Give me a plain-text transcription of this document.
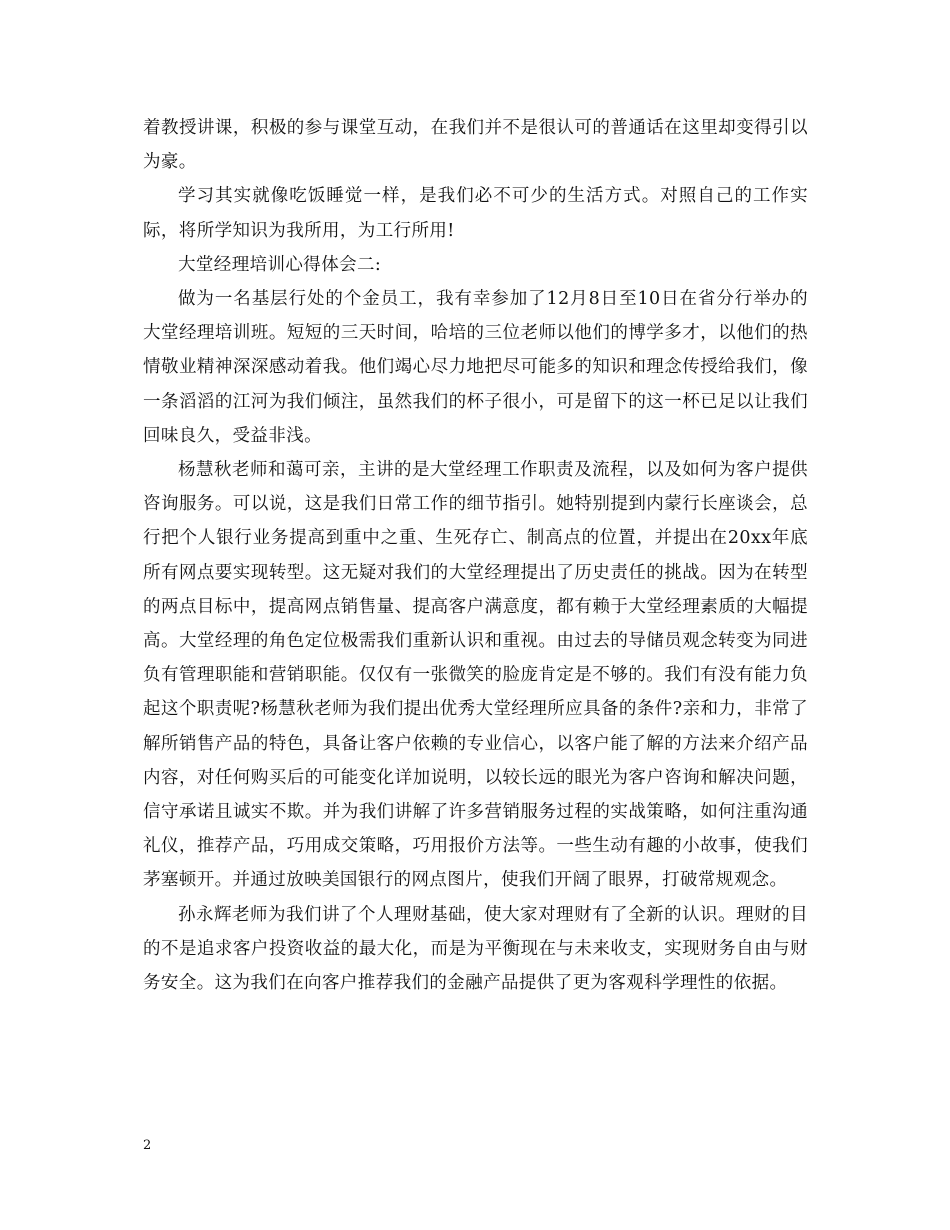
着教授讲课，积极的参与课堂互动，在我们并不是很认可的普通话在这里却变得引以为豪。

学习其实就像吃饭睡觉一样，是我们必不可少的生活方式。对照自己的工作实际，将所学知识为我所用，为工行所用!

大堂经理培训心得体会二:

做为一名基层行处的个金员工，我有幸参加了12月8日至10日在省分行举办的大堂经理培训班。短短的三天时间，哈培的三位老师以他们的博学多才，以他们的热情敬业精神深深感动着我。他们竭心尽力地把尽可能多的知识和理念传授给我们，像一条滔滔的江河为我们倾注，虽然我们的杯子很小，可是留下的这一杯已足以让我们回味良久，受益非浅。

杨慧秋老师和蔼可亲，主讲的是大堂经理工作职责及流程，以及如何为客户提供咨询服务。可以说，这是我们日常工作的细节指引。她特别提到内蒙行长座谈会，总行把个人银行业务提高到重中之重、生死存亡、制高点的位置，并提出在20xx年底所有网点要实现转型。这无疑对我们的大堂经理提出了历史责任的挑战。因为在转型的两点目标中，提高网点销售量、提高客户满意度，都有赖于大堂经理素质的大幅提高。大堂经理的角色定位极需我们重新认识和重视。由过去的导储员观念转变为同进负有管理职能和营销职能。仅仅有一张微笑的脸庞肯定是不够的。我们有没有能力负起这个职责呢?杨慧秋老师为我们提出优秀大堂经理所应具备的条件?亲和力，非常了解所销售产品的特色，具备让客户依赖的专业信心，以客户能了解的方法来介绍产品内容，对任何购买后的可能变化详加说明，以较长远的眼光为客户咨询和解决问题，信守承诺且诚实不欺。并为我们讲解了许多营销服务过程的实战策略，如何注重沟通礼仪，推荐产品，巧用成交策略，巧用报价方法等。一些生动有趣的小故事，使我们茅塞顿开。并通过放映美国银行的网点图片，使我们开阔了眼界，打破常规观念。

孙永辉老师为我们讲了个人理财基础，使大家对理财有了全新的认识。理财的目的不是追求客户投资收益的最大化，而是为平衡现在与未来收支，实现财务自由与财务安全。这为我们在向客户推荐我们的金融产品提供了更为客观科学理性的依据。

2
